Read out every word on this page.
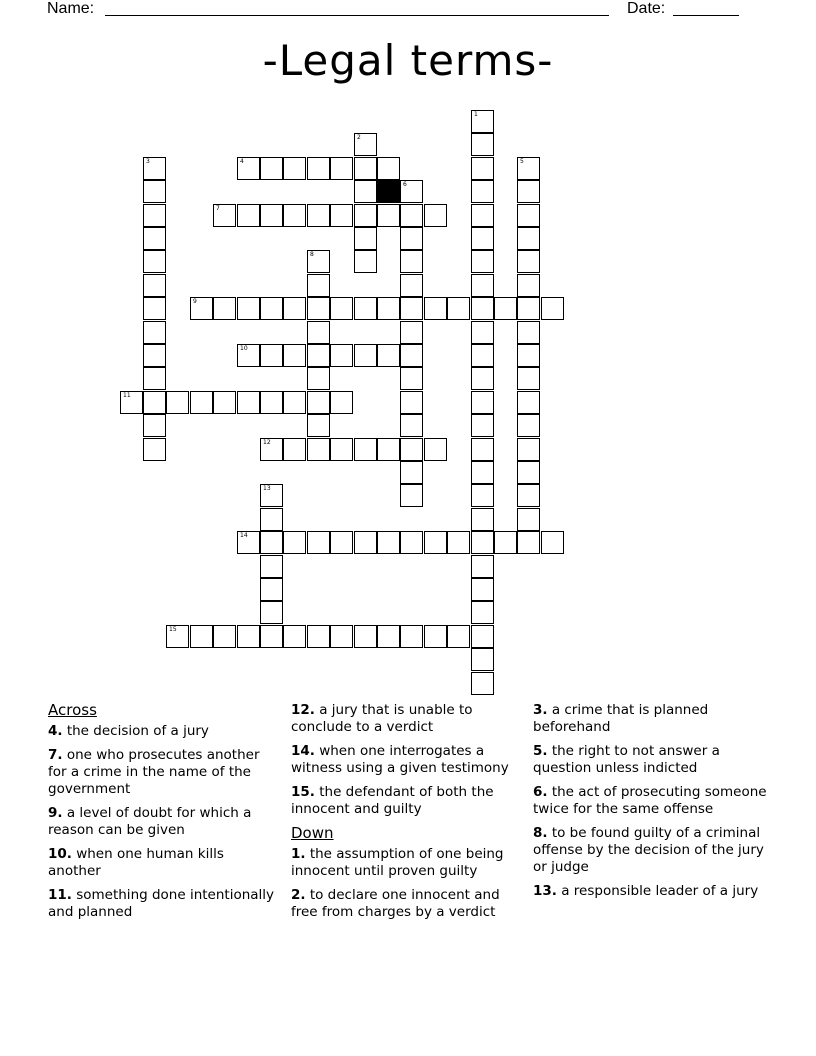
Name:	Date:
-Legal terms-
1
2
3	4	5
6
7
8
9
10
11
12
13
14
15
Across
4. the decision of a jury
7. one who prosecutes another for a crime in the name of the government
9. a level of doubt for which a reason can be given
10. when one human kills another
11. something done intentionally and planned
12. a jury that is unable to conclude to a verdict
14. when one interrogates a witness using a given testimony
15. the defendant of both the innocent and guilty
Down
1. the assumption of one being innocent until proven guilty
2. to declare one innocent and free from charges by a verdict
3. a crime that is planned beforehand
5. the right to not answer a question unless indicted
6. the act of prosecuting someone twice for the same offense
8. to be found guilty of a criminal offense by the decision of the jury or judge
13. a responsible leader of a jury
